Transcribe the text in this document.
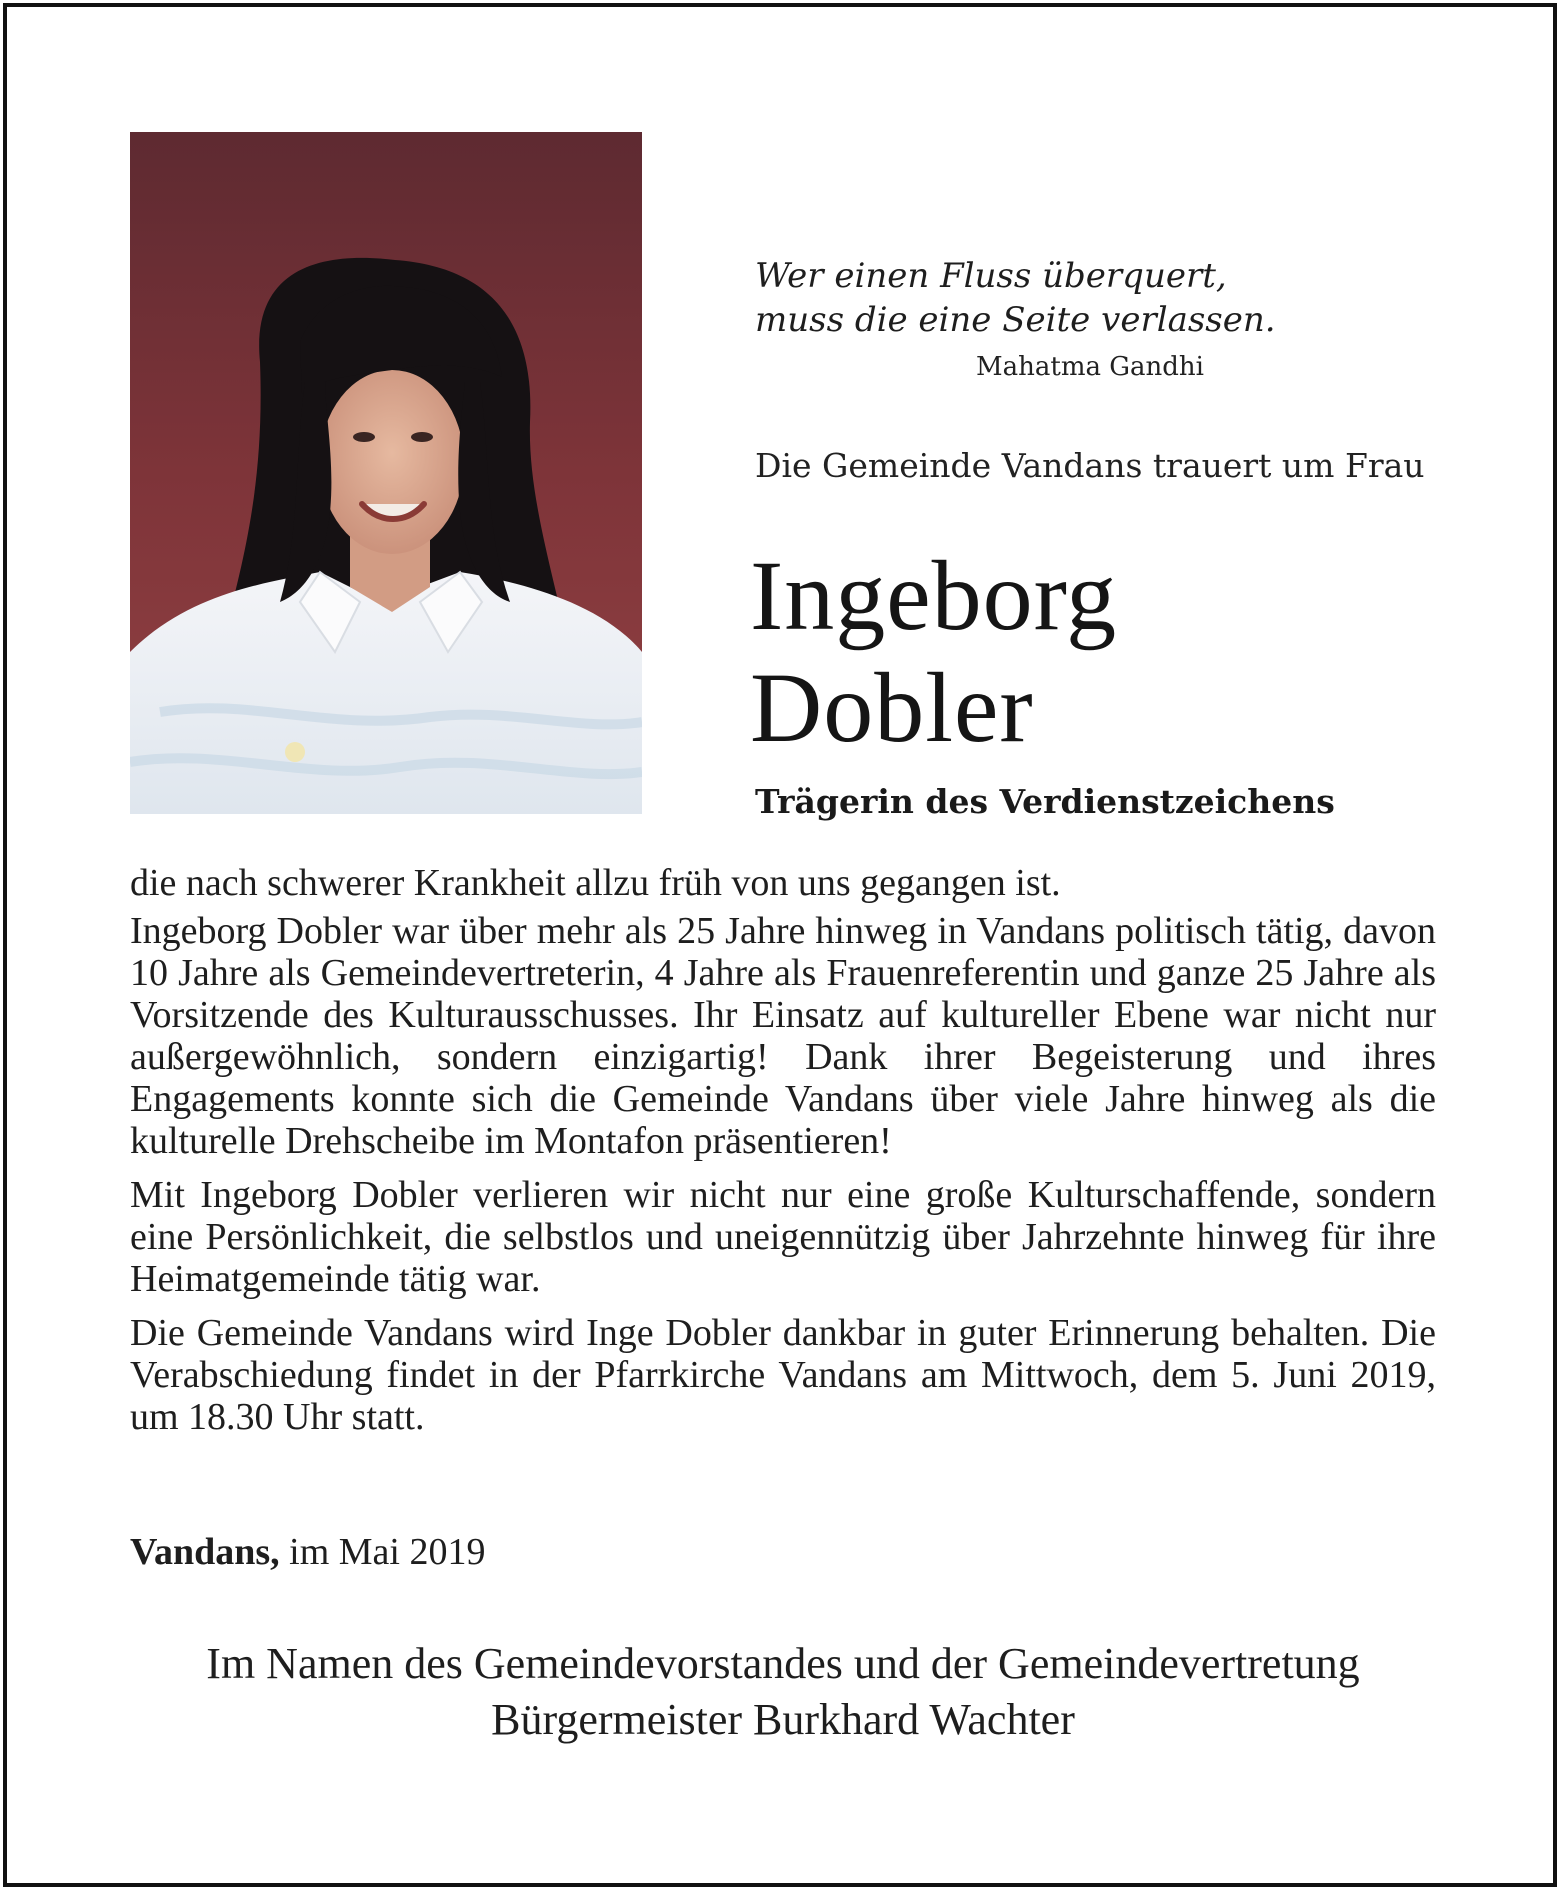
Wer einen Fluss überquert,
muss die eine Seite verlassen.
Mahatma Gandhi
Die Gemeinde Vandans trauert um Frau
Ingeborg
Dobler
Trägerin des Verdienstzeichens

die nach schwerer Krankheit allzu früh von uns gegangen ist.

Ingeborg Dobler war über mehr als 25 Jahre hinweg in Vandans politisch tätig, davon 10 Jahre als Gemeindevertreterin, 4 Jahre als Frauenreferentin und ganze 25 Jahre als Vorsitzende des Kulturausschusses. Ihr Einsatz auf kultureller Ebene war nicht nur außergewöhnlich, sondern einzigartig! Dank ihrer Begeisterung und ihres Engagements konnte sich die Gemeinde Vandans über viele Jahre hinweg als die kulturelle Drehscheibe im Montafon präsentieren!

Mit Ingeborg Dobler verlieren wir nicht nur eine große Kulturschaffende, sondern eine Persönlichkeit, die selbstlos und uneigennützig über Jahrzehnte hinweg für ihre Heimatgemeinde tätig war.

Die Gemeinde Vandans wird Inge Dobler dankbar in guter Erinnerung behalten. Die Verabschiedung findet in der Pfarrkirche Vandans am Mittwoch, dem 5. Juni 2019, um 18.30 Uhr statt.

Vandans, im Mai 2019
Im Namen des Gemeindevorstandes und der Gemeindevertretung
Bürgermeister Burkhard Wachter
